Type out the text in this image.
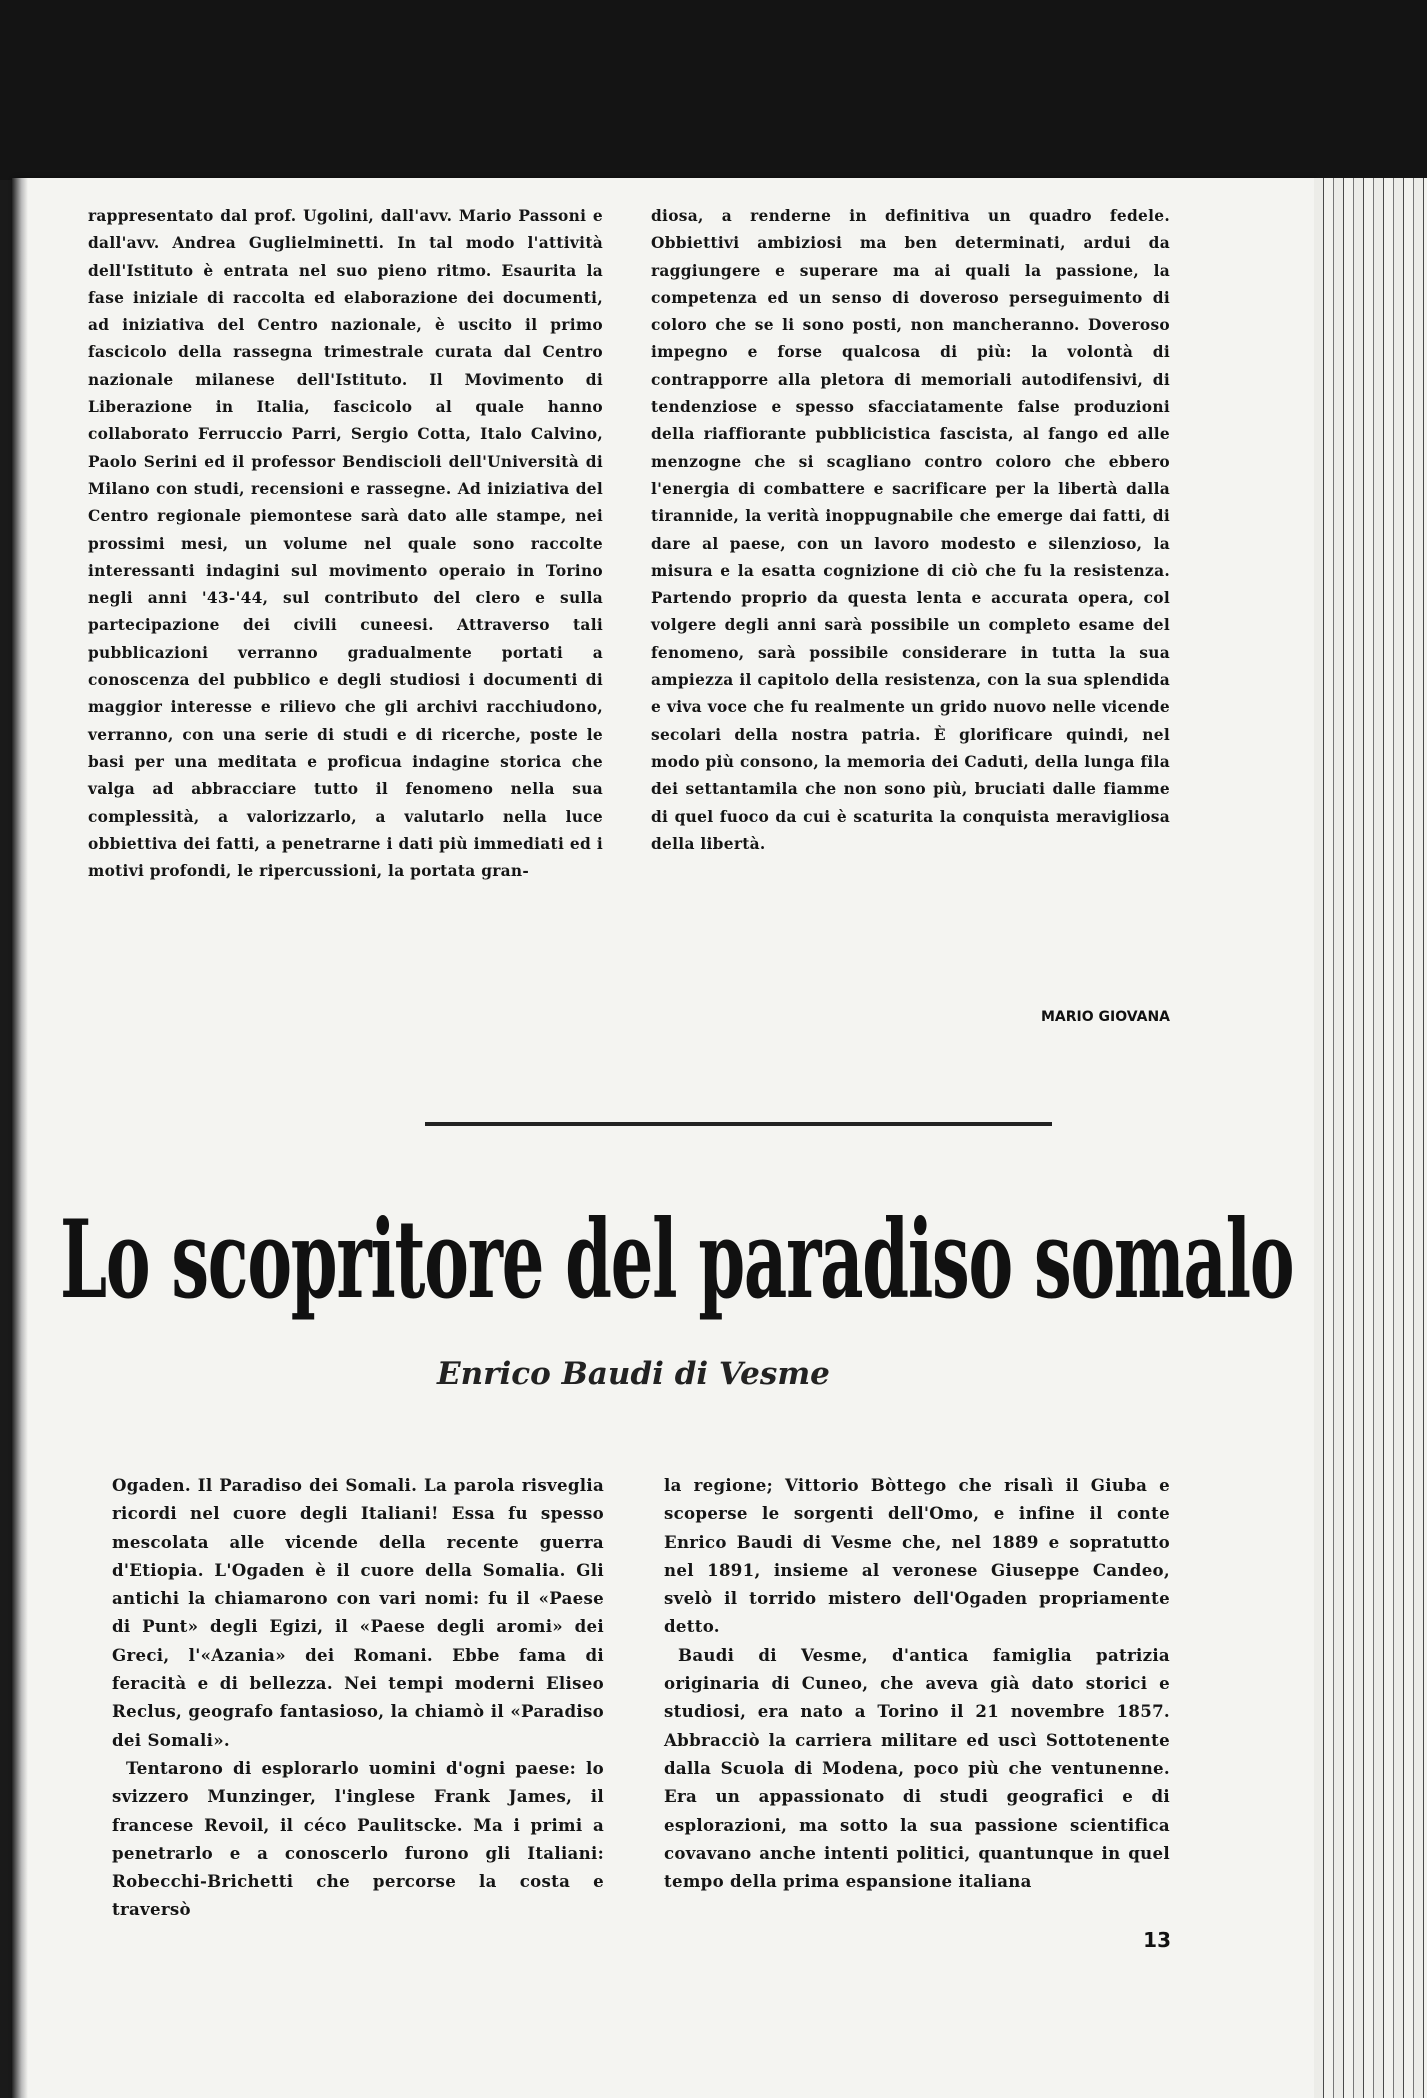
rappresentato dal prof. Ugolini, dall'avv. Mario Passoni e dall'avv. Andrea Guglielminetti. In tal modo l'attività dell'Istituto è entrata nel suo pieno ritmo. Esaurita la fase iniziale di raccolta ed elaborazione dei documenti, ad iniziativa del Centro nazionale, è uscito il primo fascicolo della rassegna trimestrale curata dal Centro nazionale milanese dell'Istituto. Il Movimento di Liberazione in Italia, fascicolo al quale hanno collaborato Ferruccio Parri, Sergio Cotta, Italo Calvino, Paolo Serini ed il professor Bendiscioli dell'Università di Milano con studi, recensioni e rassegne. Ad iniziativa del Centro regionale piemontese sarà dato alle stampe, nei prossimi mesi, un volume nel quale sono raccolte interessanti indagini sul movimento operaio in Torino negli anni '43-'44, sul contributo del clero e sulla partecipazione dei civili cuneesi. Attraverso tali pubblicazioni verranno gradualmente portati a conoscenza del pubblico e degli studiosi i documenti di maggior interesse e rilievo che gli archivi racchiudono, verranno, con una serie di studi e di ricerche, poste le basi per una meditata e proficua indagine storica che valga ad abbracciare tutto il fenomeno nella sua complessità, a valorizzarlo, a valutarlo nella luce obbiettiva dei fatti, a penetrarne i dati più immediati ed i motivi profondi, le ripercussioni, la portata gran-

diosa, a renderne in definitiva un quadro fedele. Obbiettivi ambiziosi ma ben determinati, ardui da raggiungere e superare ma ai quali la passione, la competenza ed un senso di doveroso perseguimento di coloro che se li sono posti, non mancheranno. Doveroso impegno e forse qualcosa di più: la volontà di contrapporre alla pletora di memoriali autodifensivi, di tendenziose e spesso sfacciatamente false produzioni della riaffiorante pubblicistica fascista, al fango ed alle menzogne che si scagliano contro coloro che ebbero l'energia di combattere e sacrificare per la libertà dalla tirannide, la verità inoppugnabile che emerge dai fatti, di dare al paese, con un lavoro modesto e silenzioso, la misura e la esatta cognizione di ciò che fu la resistenza. Partendo proprio da questa lenta e accurata opera, col volgere degli anni sarà possibile un completo esame del fenomeno, sarà possibile considerare in tutta la sua ampiezza il capitolo della resistenza, con la sua splendida e viva voce che fu realmente un grido nuovo nelle vicende secolari della nostra patria. È glorificare quindi, nel modo più consono, la memoria dei Caduti, della lunga fila dei settantamila che non sono più, bruciati dalle fiamme di quel fuoco da cui è scaturita la conquista meravigliosa della libertà.

MARIO GIOVANA
Lo scopritore del paradiso somalo
Enrico Baudi di Vesme

Ogaden. Il Paradiso dei Somali. La parola risveglia ricordi nel cuore degli Italiani! Essa fu spesso mescolata alle vicende della recente guerra d'Etiopia. L'Ogaden è il cuore della Somalia. Gli antichi la chiamarono con vari nomi: fu il «Paese di Punt» degli Egizi, il «Paese degli aromi» dei Greci, l'«Azania» dei Romani. Ebbe fama di feracità e di bellezza. Nei tempi moderni Eliseo Reclus, geografo fantasioso, la chiamò il «Paradiso dei Somali».

Tentarono di esplorarlo uomini d'ogni paese: lo svizzero Munzinger, l'inglese Frank James, il francese Revoil, il céco Paulitscke. Ma i primi a penetrarlo e a conoscerlo furono gli Italiani: Robecchi-Brichetti che percorse la costa e traversò

la regione; Vittorio Bòttego che risalì il Giuba e scoperse le sorgenti dell'Omo, e infine il conte Enrico Baudi di Vesme che, nel 1889 e sopratutto nel 1891, insieme al veronese Giuseppe Candeo, svelò il torrido mistero dell'Ogaden propriamente detto.

Baudi di Vesme, d'antica famiglia patrizia originaria di Cuneo, che aveva già dato storici e studiosi, era nato a Torino il 21 novembre 1857. Abbracciò la carriera militare ed uscì Sottotenente dalla Scuola di Modena, poco più che ventunenne. Era un appassionato di studi geografici e di esplorazioni, ma sotto la sua passione scientifica covavano anche intenti politici, quantunque in quel tempo della prima espansione italiana

13
